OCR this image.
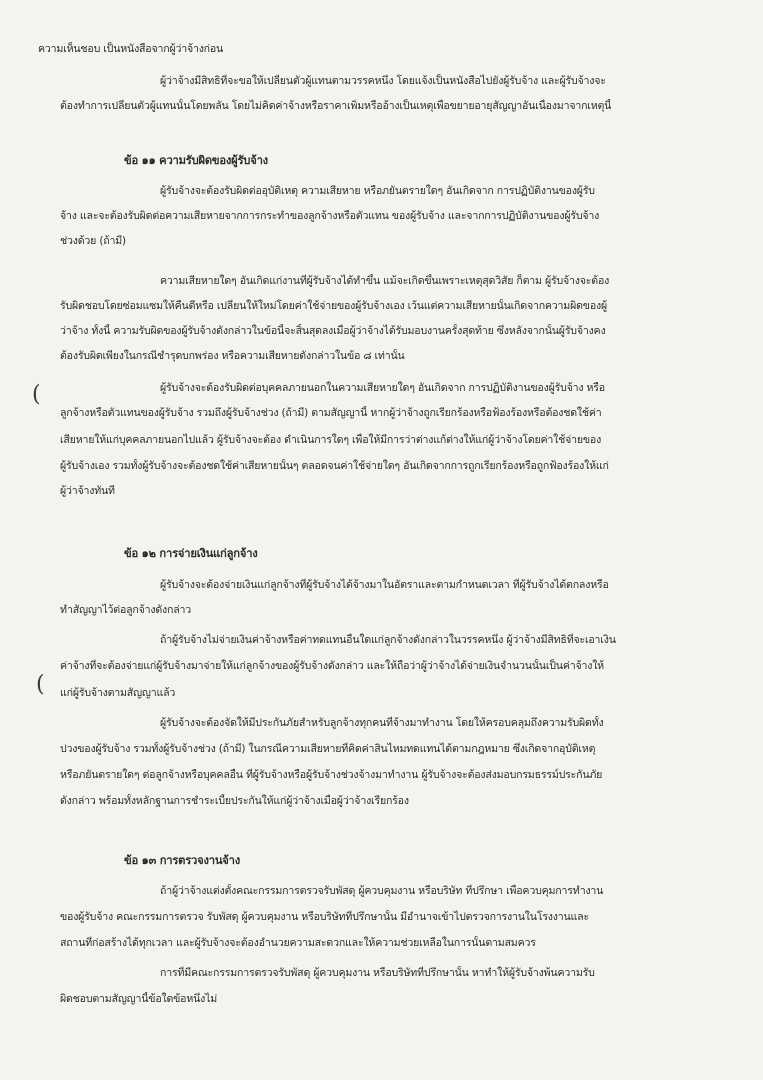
ความเห็นชอบ เป็นหนังสือจากผู้ว่าจ้างก่อน

ผู้ว่าจ้างมีสิทธิที่จะขอให้เปลี่ยนตัวผู้แทนตามวรรคหนึ่ง โดยแจ้งเป็นหนังสือไปยังผู้รับจ้าง และผู้รับจ้างจะ

ต้องทำการเปลี่ยนตัวผู้แทนนั้นโดยพลัน โดยไม่คิดค่าจ้างหรือราคาเพิ่มหรืออ้างเป็นเหตุเพื่อขยายอายุสัญญาอันเนื่องมาจากเหตุนี้

ข้อ ๑๑ ความรับผิดของผู้รับจ้าง

ผู้รับจ้างจะต้องรับผิดต่ออุบัติเหตุ ความเสียหาย หรือภยันตรายใดๆ อันเกิดจาก การปฏิบัติงานของผู้รับ

จ้าง และจะต้องรับผิดต่อความเสียหายจากการกระทำของลูกจ้างหรือตัวแทน ของผู้รับจ้าง และจากการปฏิบัติงานของผู้รับจ้าง

ช่วงด้วย (ถ้ามี)

ความเสียหายใดๆ อันเกิดแก่งานที่ผู้รับจ้างได้ทำขึ้น แม้จะเกิดขึ้นเพราะเหตุสุดวิสัย ก็ตาม ผู้รับจ้างจะต้อง

รับผิดชอบโดยซ่อมแซมให้คืนดีหรือ เปลี่ยนให้ใหม่โดยค่าใช้จ่ายของผู้รับจ้างเอง เว้นแต่ความเสียหายนั้นเกิดจากความผิดของผู้

ว่าจ้าง ทั้งนี้ ความรับผิดของผู้รับจ้างดังกล่าวในข้อนี้จะสิ้นสุดลงเมื่อผู้ว่าจ้างได้รับมอบงานครั้งสุดท้าย ซึ่งหลังจากนั้นผู้รับจ้างคง

ต้องรับผิดเพียงในกรณีชำรุดบกพร่อง หรือความเสียหายดังกล่าวในข้อ ๘ เท่านั้น

ผู้รับจ้างจะต้องรับผิดต่อบุคคลภายนอกในความเสียหายใดๆ อันเกิดจาก การปฏิบัติงานของผู้รับจ้าง หรือ

ลูกจ้างหรือตัวแทนของผู้รับจ้าง รวมถึงผู้รับจ้างช่วง (ถ้ามี) ตามสัญญานี้ หากผู้ว่าจ้างถูกเรียกร้องหรือฟ้องร้องหรือต้องชดใช้ค่า

เสียหายให้แก่บุคคลภายนอกไปแล้ว ผู้รับจ้างจะต้อง ดำเนินการใดๆ เพื่อให้มีการว่าต่างแก้ต่างให้แก่ผู้ว่าจ้างโดยค่าใช้จ่ายของ

ผู้รับจ้างเอง รวมทั้งผู้รับจ้างจะต้องชดใช้ค่าเสียหายนั้นๆ ตลอดจนค่าใช้จ่ายใดๆ อันเกิดจากการถูกเรียกร้องหรือถูกฟ้องร้องให้แก่

ผู้ว่าจ้างทันที

ข้อ ๑๒ การจ่ายเงินแก่ลูกจ้าง

ผู้รับจ้างจะต้องจ่ายเงินแก่ลูกจ้างที่ผู้รับจ้างได้จ้างมาในอัตราและตามกำหนดเวลา ที่ผู้รับจ้างได้ตกลงหรือ

ทำสัญญาไว้ต่อลูกจ้างดังกล่าว

ถ้าผู้รับจ้างไม่จ่ายเงินค่าจ้างหรือค่าทดแทนอื่นใดแก่ลูกจ้างดังกล่าวในวรรคหนึ่ง ผู้ว่าจ้างมีสิทธิที่จะเอาเงิน

ค่าจ้างที่จะต้องจ่ายแก่ผู้รับจ้างมาจ่ายให้แก่ลูกจ้างของผู้รับจ้างดังกล่าว และให้ถือว่าผู้ว่าจ้างได้จ่ายเงินจำนวนนั้นเป็นค่าจ้างให้

แก่ผู้รับจ้างตามสัญญาแล้ว

ผู้รับจ้างจะต้องจัดให้มีประกันภัยสำหรับลูกจ้างทุกคนที่จ้างมาทำงาน โดยให้ครอบคลุมถึงความรับผิดทั้ง

ปวงของผู้รับจ้าง รวมทั้งผู้รับจ้างช่วง (ถ้ามี) ในกรณีความเสียหายที่คิดค่าสินไหมทดแทนได้ตามกฎหมาย ซึ่งเกิดจากอุบัติเหตุ

หรือภยันตรายใดๆ ต่อลูกจ้างหรือบุคคลอื่น ที่ผู้รับจ้างหรือผู้รับจ้างช่วงจ้างมาทำงาน ผู้รับจ้างจะต้องส่งมอบกรมธรรม์ประกันภัย

ดังกล่าว พร้อมทั้งหลักฐานการชำระเบี้ยประกันให้แก่ผู้ว่าจ้างเมื่อผู้ว่าจ้างเรียกร้อง

ข้อ ๑๓ การตรวจงานจ้าง

ถ้าผู้ว่าจ้างแต่งตั้งคณะกรรมการตรวจรับพัสดุ ผู้ควบคุมงาน หรือบริษัท ที่ปรึกษา เพื่อควบคุมการทำงาน

ของผู้รับจ้าง คณะกรรมการตรวจ รับพัสดุ ผู้ควบคุมงาน หรือบริษัทที่ปรึกษานั้น มีอำนาจเข้าไปตรวจการงานในโรงงานและ

สถานที่ก่อสร้างได้ทุกเวลา และผู้รับจ้างจะต้องอำนวยความสะดวกและให้ความช่วยเหลือในการนั้นตามสมควร

การที่มีคณะกรรมการตรวจรับพัสดุ ผู้ควบคุมงาน หรือบริษัทที่ปรึกษานั้น หาทำให้ผู้รับจ้างพ้นความรับ

ผิดชอบตามสัญญานี้ข้อใดข้อหนึ่งไม่

(
(
